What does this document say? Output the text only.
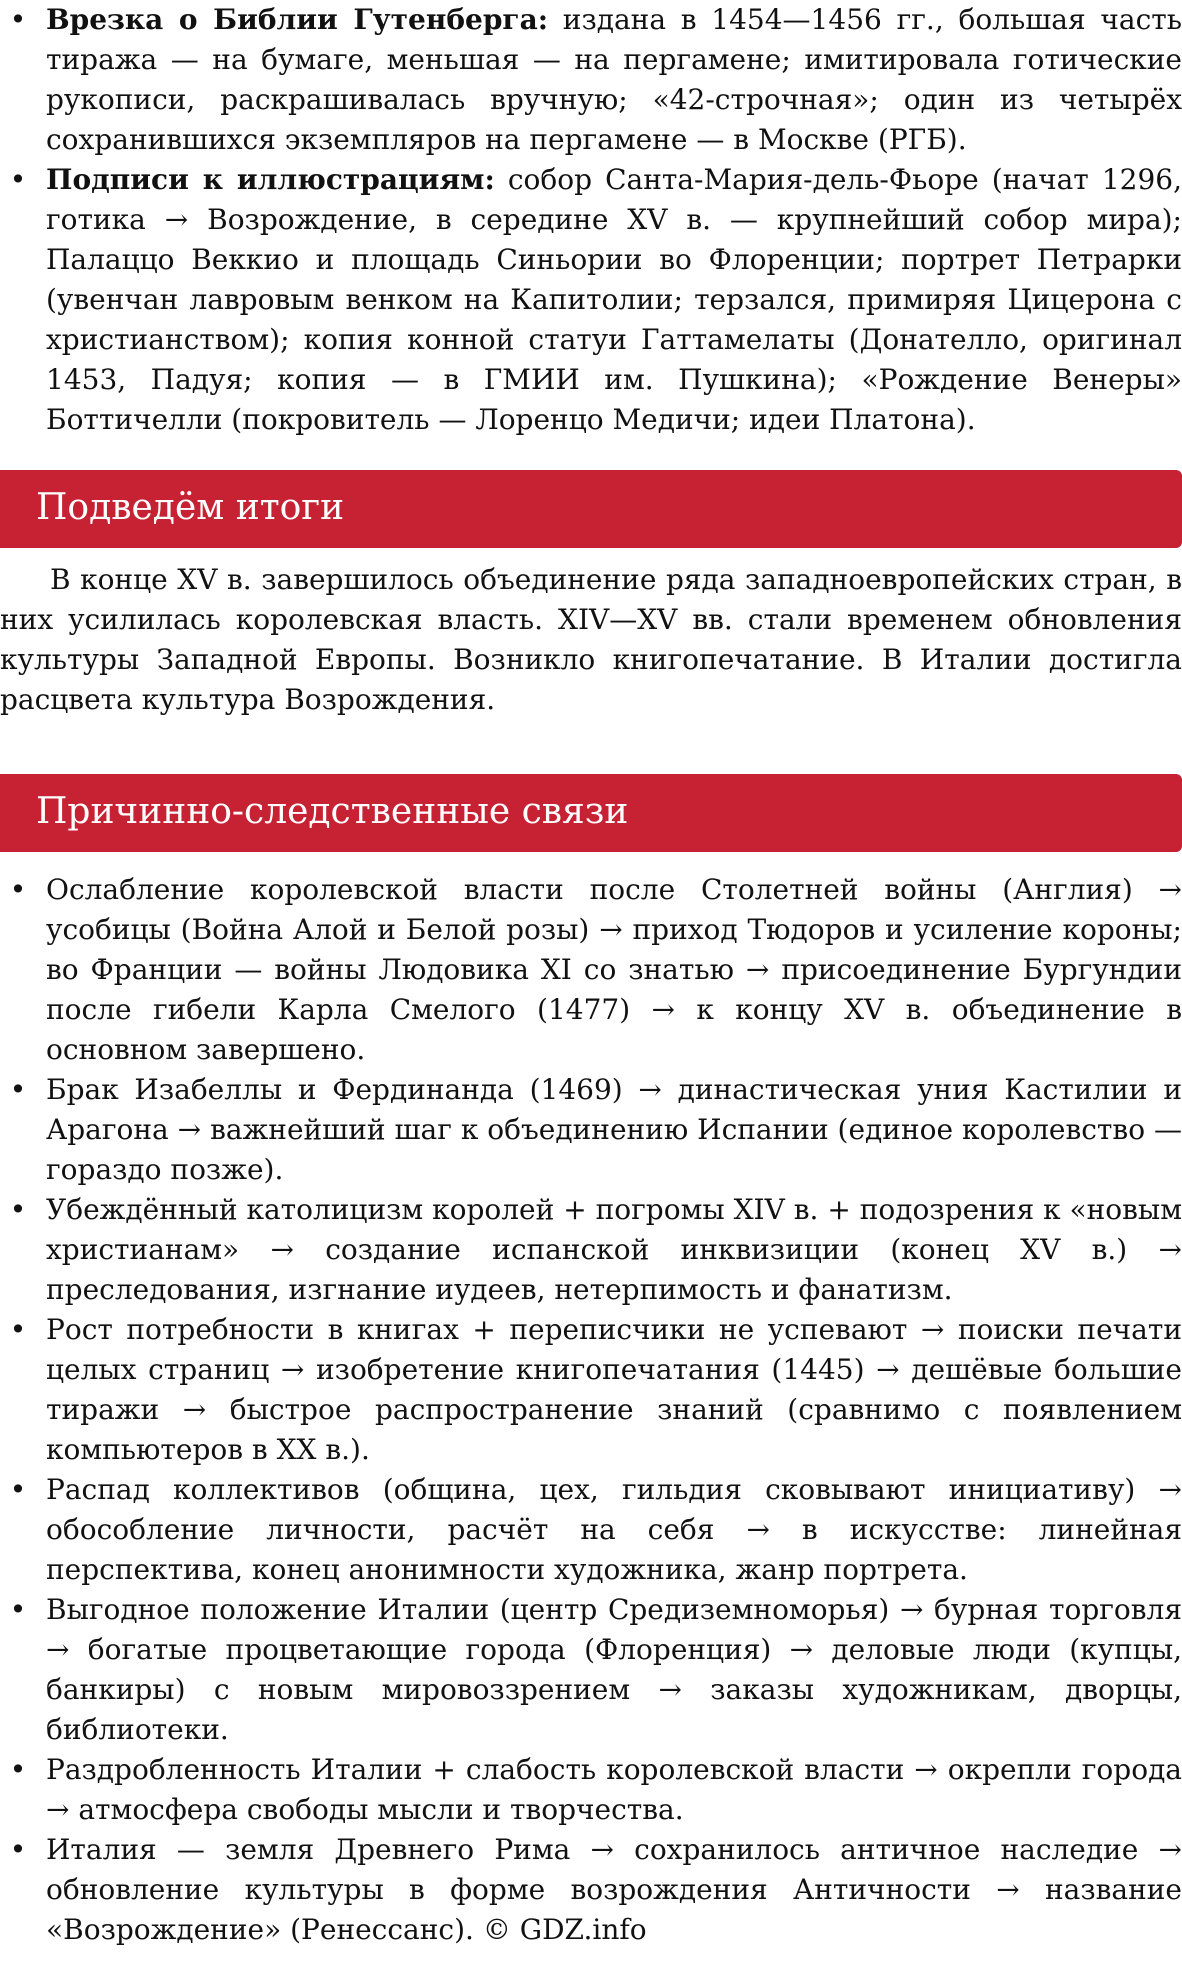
• Врезка о Библии Гутенберга: издана в 1454—1456 гг., большая часть тиража — на бумаге, меньшая — на пергамене; имитировала готические рукописи, раскрашивалась вручную; «42-строчная»; один из четырёх сохранившихся экземпляров на пергамене — в Москве (РГБ).
• Подписи к иллюстрациям: собор Санта-Мария-дель-Фьоре (начат 1296, готика → Возрождение, в середине XV в. — крупнейший собор мира); Палаццо Веккио и площадь Синьории во Флоренции; портрет Петрарки (увенчан лавровым венком на Капитолии; терзался, примиряя Цицерона с христианством); копия конной статуи Гаттамелаты (Донателло, оригинал 1453, Падуя; копия — в ГМИИ им. Пушкина); «Рождение Венеры» Боттичелли (покровитель — Лоренцо Медичи; идеи Платона).
Подведём итоги

В конце XV в. завершилось объединение ряда западноевропейских стран, в них усилилась королевская власть. XIV—XV вв. стали временем обновления культуры Западной Европы. Возникло книгопечатание. В Италии достигла расцвета культура Возрождения.

Причинно-следственные связи
• Ослабление королевской власти после Столетней войны (Англия) → усобицы (Война Алой и Белой розы) → приход Тюдоров и усиление короны; во Франции — войны Людовика XI со знатью → присоединение Бургундии после гибели Карла Смелого (1477) → к концу XV в. объединение в основном завершено.
• Брак Изабеллы и Фердинанда (1469) → династическая уния Кастилии и Арагона → важнейший шаг к объединению Испании (единое королевство — гораздо позже).
• Убеждённый католицизм королей + погромы XIV в. + подозрения к «новым христианам» → создание испанской инквизиции (конец XV в.) → преследования, изгнание иудеев, нетерпимость и фанатизм.
• Рост потребности в книгах + переписчики не успевают → поиски печати целых страниц → изобретение книгопечатания (1445) → дешёвые большие тиражи → быстрое распространение знаний (сравнимо с появлением компьютеров в XX в.).
• Распад коллективов (община, цех, гильдия сковывают инициативу) → обособление личности, расчёт на себя → в искусстве: линейная перспектива, конец анонимности художника, жанр портрета.
• Выгодное положение Италии (центр Средиземноморья) → бурная торговля → богатые процветающие города (Флоренция) → деловые люди (купцы, банкиры) с новым мировоззрением → заказы художникам, дворцы, библиотеки.
• Раздробленность Италии + слабость королевской власти → окрепли города → атмосфера свободы мысли и творчества.
• Италия — земля Древнего Рима → сохранилось античное наследие → обновление культуры в форме возрождения Античности → название «Возрождение» (Ренессанс). © GDZ.info
